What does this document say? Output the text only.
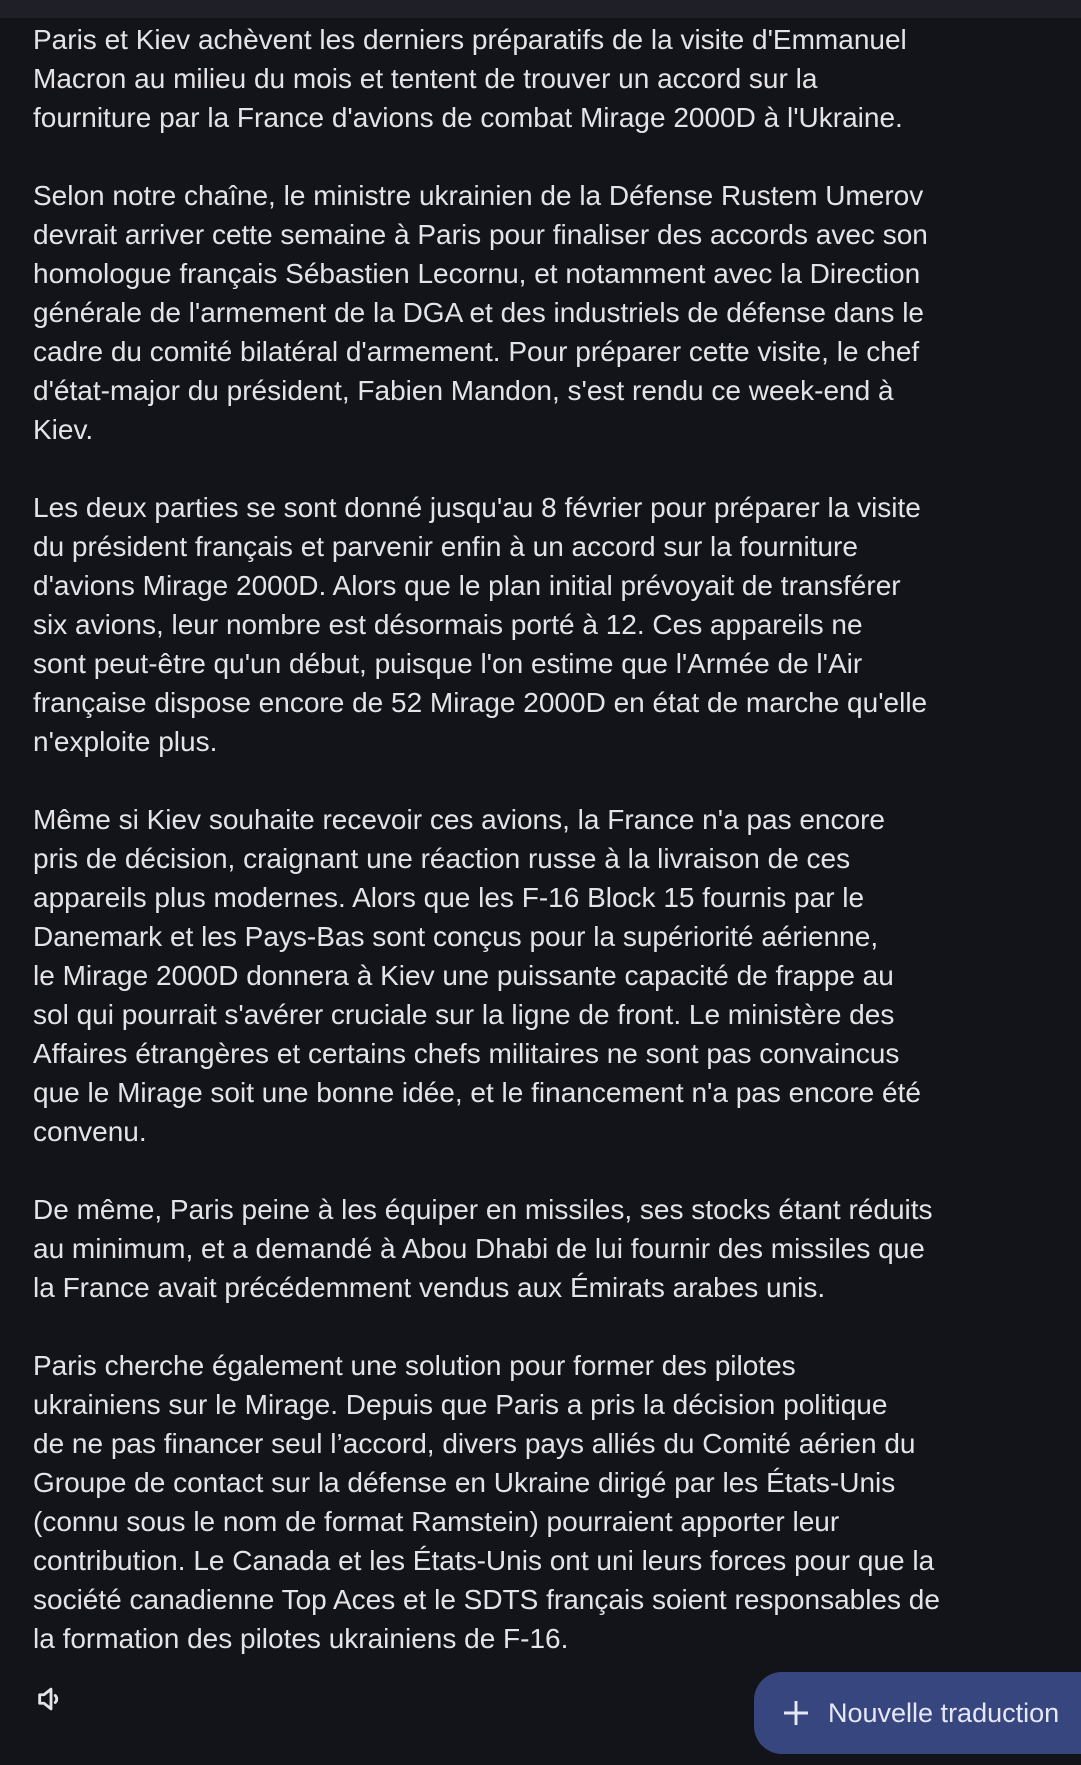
Paris et Kiev achèvent les derniers préparatifs de la visite d'Emmanuel
Macron au milieu du mois et tentent de trouver un accord sur la
fourniture par la France d'avions de combat Mirage 2000D à l'Ukraine.

Selon notre chaîne, le ministre ukrainien de la Défense Rustem Umerov
devrait arriver cette semaine à Paris pour finaliser des accords avec son
homologue français Sébastien Lecornu, et notamment avec la Direction
générale de l'armement de la DGA et des industriels de défense dans le
cadre du comité bilatéral d'armement. Pour préparer cette visite, le chef
d'état-major du président, Fabien Mandon, s'est rendu ce week-end à
Kiev.

Les deux parties se sont donné jusqu'au 8 février pour préparer la visite
du président français et parvenir enfin à un accord sur la fourniture
d'avions Mirage 2000D. Alors que le plan initial prévoyait de transférer
six avions, leur nombre est désormais porté à 12. Ces appareils ne
sont peut-être qu'un début, puisque l'on estime que l'Armée de l'Air
française dispose encore de 52 Mirage 2000D en état de marche qu'elle
n'exploite plus.

Même si Kiev souhaite recevoir ces avions, la France n'a pas encore
pris de décision, craignant une réaction russe à la livraison de ces
appareils plus modernes. Alors que les F-16 Block 15 fournis par le
Danemark et les Pays-Bas sont conçus pour la supériorité aérienne,
le Mirage 2000D donnera à Kiev une puissante capacité de frappe au
sol qui pourrait s'avérer cruciale sur la ligne de front. Le ministère des
Affaires étrangères et certains chefs militaires ne sont pas convaincus
que le Mirage soit une bonne idée, et le financement n'a pas encore été
convenu.

De même, Paris peine à les équiper en missiles, ses stocks étant réduits
au minimum, et a demandé à Abou Dhabi de lui fournir des missiles que
la France avait précédemment vendus aux Émirats arabes unis.

Paris cherche également une solution pour former des pilotes
ukrainiens sur le Mirage. Depuis que Paris a pris la décision politique
de ne pas financer seul l’accord, divers pays alliés du Comité aérien du
Groupe de contact sur la défense en Ukraine dirigé par les États-Unis
(connu sous le nom de format Ramstein) pourraient apporter leur
contribution. Le Canada et les États-Unis ont uni leurs forces pour que la
société canadienne Top Aces et le SDTS français soient responsables de
la formation des pilotes ukrainiens de F-16.

Nouvelle traduction
